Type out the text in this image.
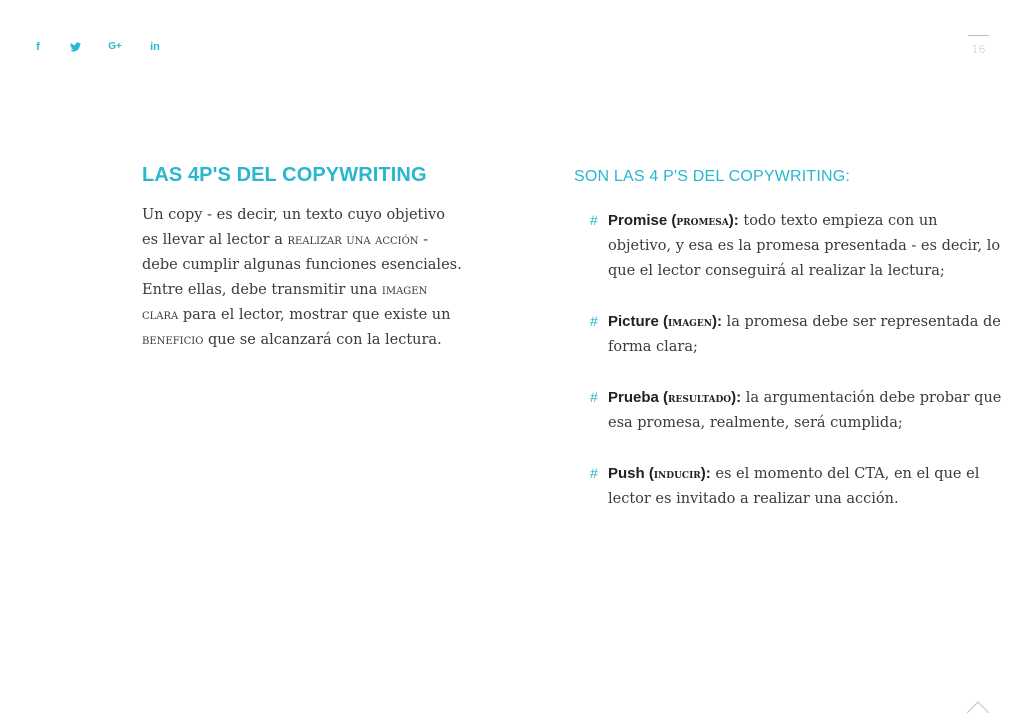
f	G+	in	16
LAS 4P'S DEL COPYWRITING

Un copy - es decir, un texto cuyo objetivo es llevar al lector a realizar una acción - debe cumplir algunas funciones esenciales.
Entre ellas, debe transmitir una imagen clara para el lector, mostrar que existe un beneficio que se alcanzará con la lectura.

SON LAS 4 P'S DEL COPYWRITING:
# Promise (promesa): todo texto empieza con un objetivo, y esa es la promesa presentada - es decir, lo que el lector conseguirá al realizar la lectura;
# Picture (imagen): la promesa debe ser representada de forma clara;
# Prueba (resultado): la argumentación debe probar que esa promesa, realmente, será cumplida;
# Push (inducir): es el momento del CTA, en el que el lector es invitado a realizar una acción.
